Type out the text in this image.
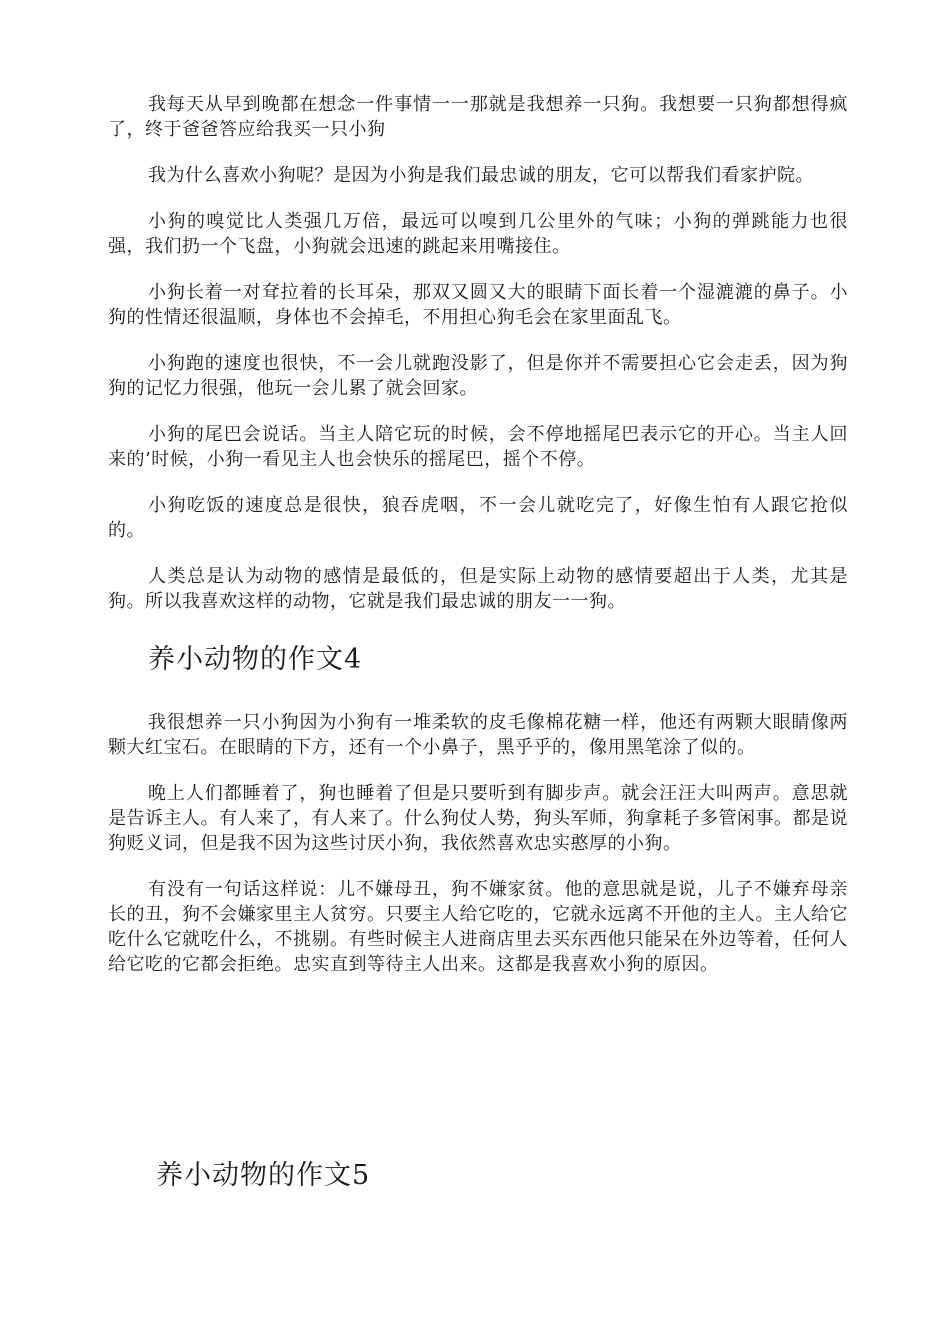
我每天从早到晚都在想念一件事情一一那就是我想养一只狗。我想要一只狗都想得疯了，终于爸爸答应给我买一只小狗

我为什么喜欢小狗呢？是因为小狗是我们最忠诚的朋友，它可以帮我们看家护院。

小狗的嗅觉比人类强几万倍，最远可以嗅到几公里外的气味；小狗的弹跳能力也很强，我们扔一个飞盘，小狗就会迅速的跳起来用嘴接住。

小狗长着一对耷拉着的长耳朵，那双又圆又大的眼睛下面长着一个湿漉漉的鼻子。小狗的性情还很温顺，身体也不会掉毛，不用担心狗毛会在家里面乱飞。

小狗跑的速度也很快，不一会儿就跑没影了，但是你并不需要担心它会走丢，因为狗狗的记忆力很强，他玩一会儿累了就会回家。

小狗的尾巴会说话。当主人陪它玩的时候，会不停地摇尾巴表示它的开心。当主人回来的’时候，小狗一看见主人也会快乐的摇尾巴，摇个不停。

小狗吃饭的速度总是很快，狼吞虎咽，不一会儿就吃完了，好像生怕有人跟它抢似的。

人类总是认为动物的感情是最低的，但是实际上动物的感情要超出于人类，尤其是狗。所以我喜欢这样的动物，它就是我们最忠诚的朋友一一狗。

养小动物的作文4

我很想养一只小狗因为小狗有一堆柔软的皮毛像棉花糖一样，他还有两颗大眼睛像两颗大红宝石。在眼睛的下方，还有一个小鼻子，黑乎乎的，像用黑笔涂了似的。

晚上人们都睡着了，狗也睡着了但是只要听到有脚步声。就会汪汪大叫两声。意思就是告诉主人。有人来了，有人来了。什么狗仗人势，狗头军师，狗拿耗子多管闲事。都是说狗贬义词，但是我不因为这些讨厌小狗，我依然喜欢忠实憨厚的小狗。

有没有一句话这样说：儿不嫌母丑，狗不嫌家贫。他的意思就是说，儿子不嫌弃母亲长的丑，狗不会嫌家里主人贫穷。只要主人给它吃的，它就永远离不开他的主人。主人给它吃什么它就吃什么，不挑剔。有些时候主人进商店里去买东西他只能呆在外边等着，任何人给它吃的它都会拒绝。忠实直到等待主人出来。这都是我喜欢小狗的原因。

养小动物的作文5
